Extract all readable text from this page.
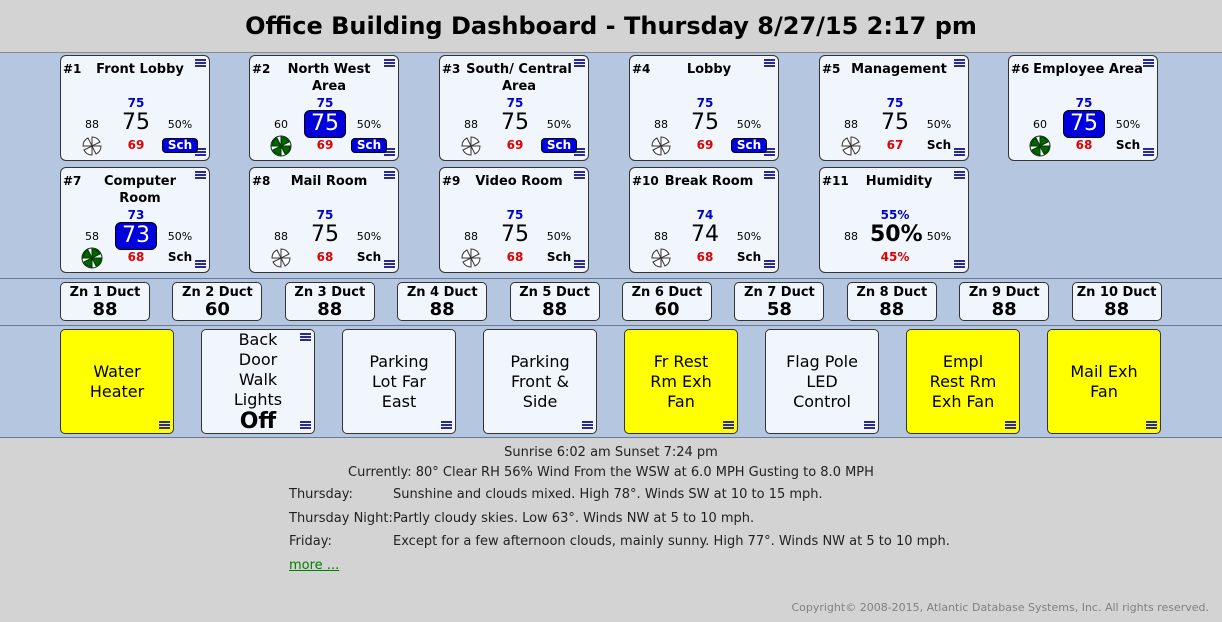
Office Building Dashboard - Thursday 8/27/15 2:17 pm
#1	Front Lobby
75
75
69
88	50%
Sch
#2	North West Area
75
75
69
60	50%
Sch
#3 South/ Central Area
75
75
69
88	50%
Sch
#4	Lobby
75
75
69
88	50%
Sch
#5 Management
75
75
67
88	50%
Sch
#6 Employee Area
75
75
68
60	50%
Sch
#7	Computer Room
73
73
68
58	50%
Sch
#8	Mail Room
75
75
68
88	50%
Sch
#9	Video Room
75
75
68
88	50%
Sch
#10 Break Room
74
74
68
88	50%
Sch
#11	Humidity
55%
50%
45%
88	50%
Zn 1 Duct
88
Zn 2 Duct
60
Zn 3 Duct
88
Zn 4 Duct
88
Zn 5 Duct
88
Zn 6 Duct
60
Zn 7 Duct
58
Zn 8 Duct
88
Zn 9 Duct
88
Zn 10 Duct
88
Water Heater
Back Door Walk Lights
Off
Parking Lot Far East
Parking Front & Side
Fr Rest Rm Exh Fan
Flag Pole LED Control
Empl Rest Rm Exh Fan
Mail Exh Fan
Sunrise 6:02 am Sunset 7:24 pm
Currently: 80° Clear RH 56% Wind From the WSW at 6.0 MPH Gusting to 8.0 MPH
Thursday:	Sunshine and clouds mixed. High 78°. Winds SW at 10 to 15 mph.
Thursday Night: Partly cloudy skies. Low 63°. Winds NW at 5 to 10 mph.
Friday:	Except for a few afternoon clouds, mainly sunny. High 77°. Winds NW at 5 to 10 mph.
more ...
Copyright© 2008-2015, Atlantic Database Systems, Inc. All rights reserved.
